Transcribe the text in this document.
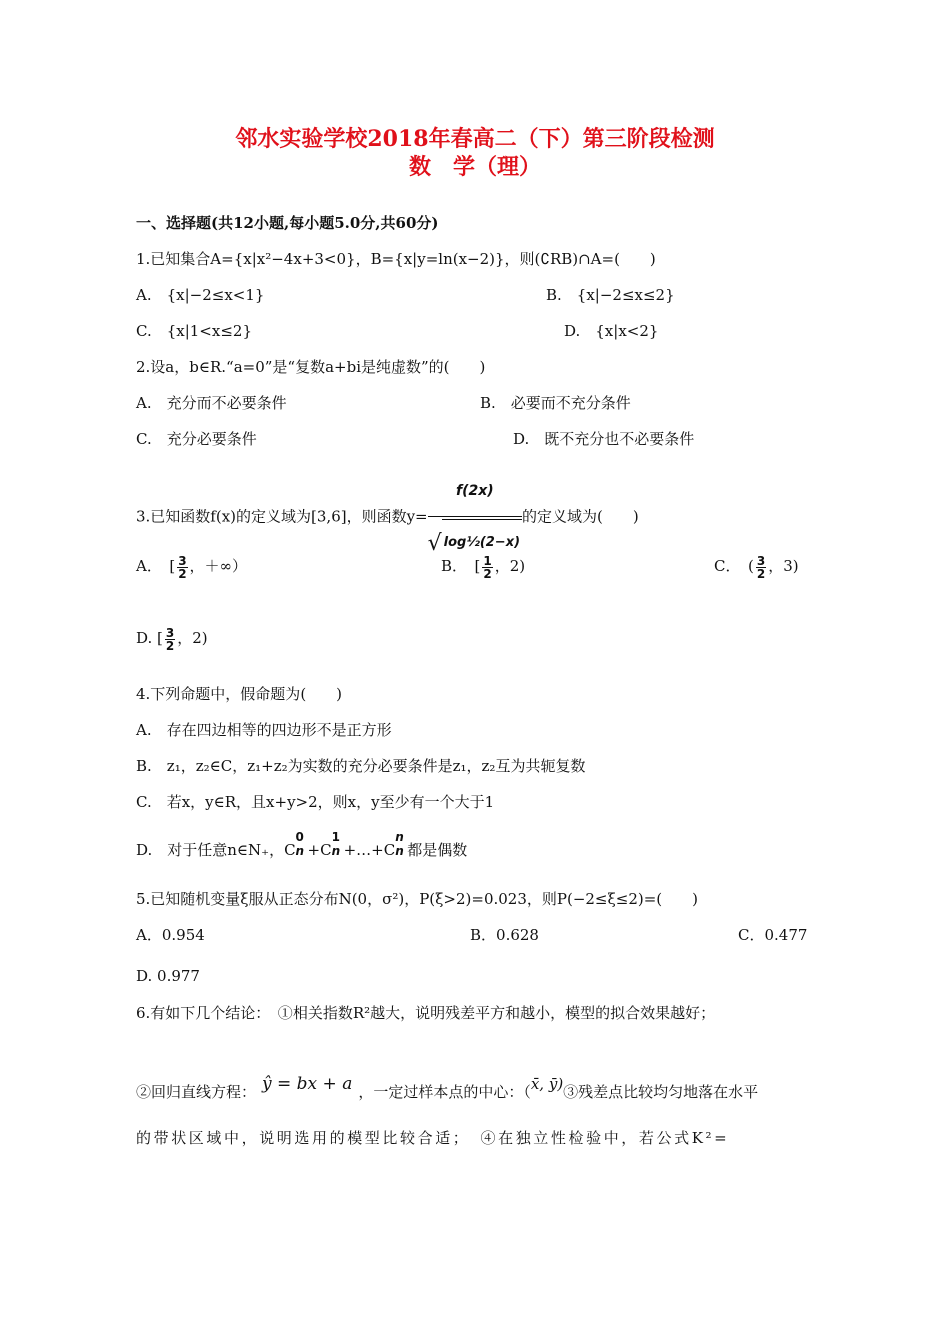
邻水实验学校2018年春高二（下）第三阶段检测
数　学（理）
一、选择题(共12小题,每小题5.0分,共60分)
1.已知集合A={x|x²−4x+3<0}，B={x|y=ln(x−2)}，则(∁RB)∩A=(　　)
A.　{x|−2≤x<1}	B.　{x|−2≤x≤2}
C.　{x|1<x≤2}	D.　{x|x<2}
2.设a，b∈R.“a=0”是“复数a+bi是纯虚数”的(　　)
A.　充分而不必要条件	B.　必要而不充分条件
C.　充分必要条件	D.　既不充分也不必要条件
3.已知函数f(x)的定义域为[3,6]，则函数$y= \frac{f(2x)}{\text{√ log½(2−x)}}$ 的定义域为(　　)
A．　[ $\frac{3}{2}$ ，＋∞）	B．　[ $\frac{1}{2}$ ，2)	C．　( $\frac{3}{2}$ ，3)
D. [ $\frac{3}{2}$ ，2)
4.下列命题中，假命题为(　　)
A.　存在四边相等的四边形不是正方形
B.　z₁，z₂∈C，z₁+z₂为实数的充分必要条件是z₁，z₂互为共轭复数
C.　若x，y∈R，且x+y>2，则x，y至少有一个大于1
D.　对于任意n∈N₊，C
0
n +C
1
n +…+C
n
n 都是偶数
5.已知随机变量ξ服从正态分布N(0，σ²)，P(ξ>2)=0.023，则P(−2≤ξ≤2)=(　　)
A．0.954	B．0.628	C．0.477
D. 0.977
6.有如下几个结论：　①相关指数R²越大，说明残差平方和越小，模型的拟合效果越好；
②回归直线方程： ŷ = bx + a ，一定过样本点的中心：（x̄, ȳ)③残差点比较均匀地落在水平
的带状区域中，说明选用的模型比较合适；　④在独立性检验中，若公式K²=
